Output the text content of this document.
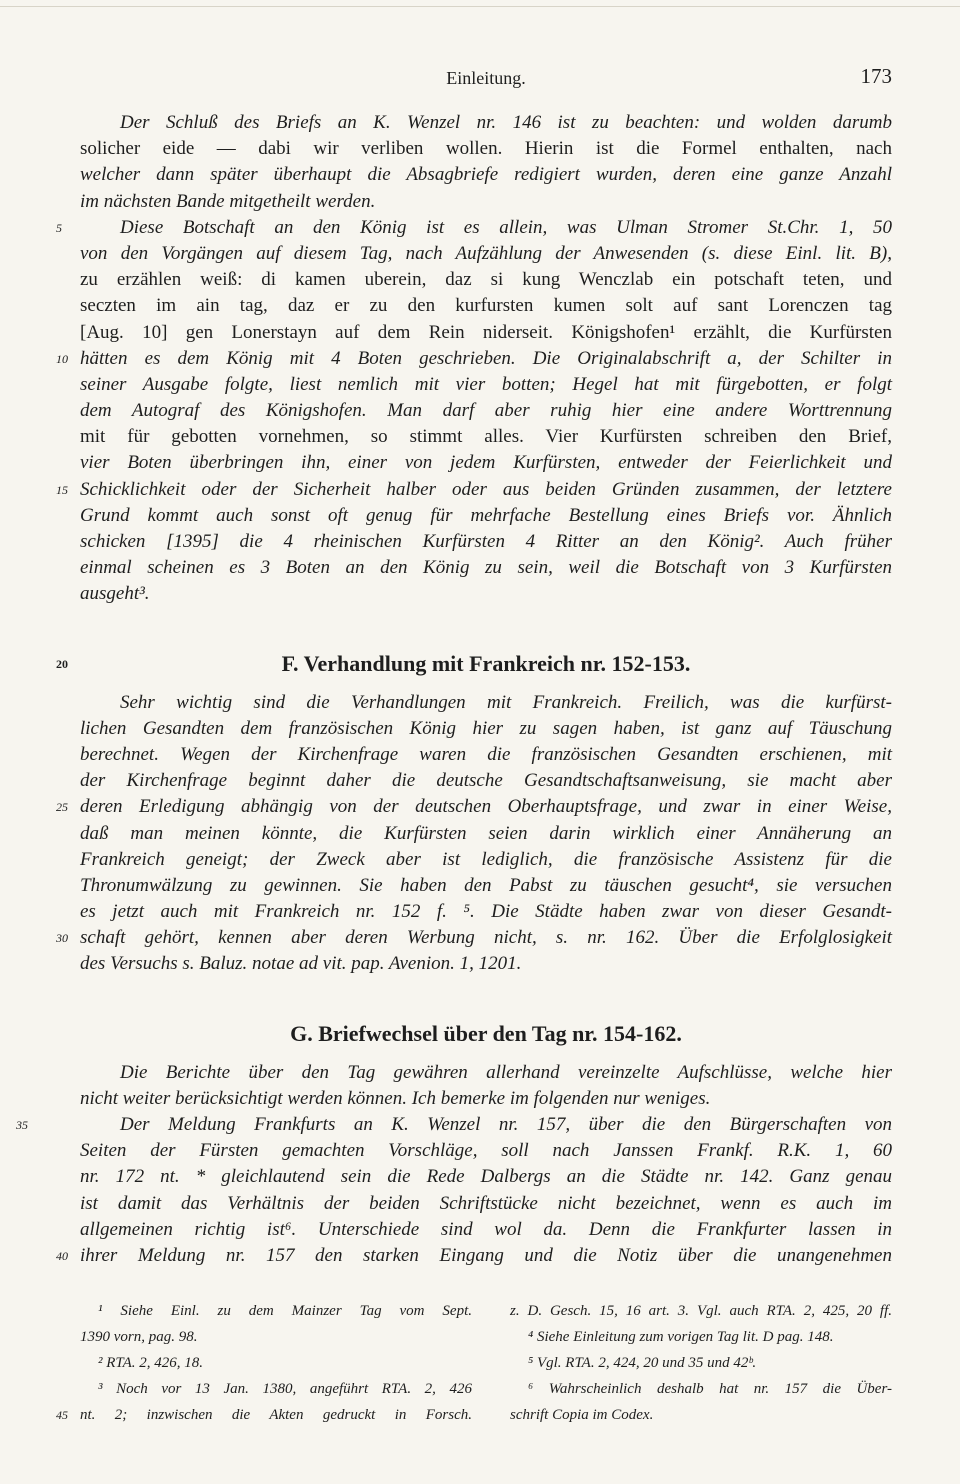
Einleitung.	173
Der Schluß des Briefs an K. Wenzel nr. 146 ist zu beachten: und wolden darumb
solicher eide — dabi wir verliben wollen. Hierin ist die Formel enthalten, nach
welcher dann später überhaupt die Absagbriefe redigiert wurden, deren eine ganze Anzahl
im nächsten Bande mitgetheilt werden.
5	Diese Botschaft an den König ist es allein, was Ulman Stromer St.Chr. 1, 50
von den Vorgängen auf diesem Tag, nach Aufzählung der Anwesenden (s. diese Einl. lit. B),
zu erzählen weiß: di kamen uberein, daz si kung Wenczlab ein potschaft teten, und
seczten im ain tag, daz er zu den kurfursten kumen solt auf sant Lorenczen tag
[Aug. 10] gen Lonerstayn auf dem Rein niderseit. Königshofen¹ erzählt, die Kurfürsten
10 hätten es dem König mit 4 Boten geschrieben. Die Originalabschrift a, der Schilter in
seiner Ausgabe folgte, liest nemlich mit vier botten; Hegel hat mit fürgebotten, er folgt
dem Autograf des Königshofen. Man darf aber ruhig hier eine andere Worttrennung
mit für gebotten vornehmen, so stimmt alles. Vier Kurfürsten schreiben den Brief,
vier Boten überbringen ihn, einer von jedem Kurfürsten, entweder der Feierlichkeit und
15 Schicklichkeit oder der Sicherheit halber oder aus beiden Gründen zusammen, der letztere
Grund kommt auch sonst oft genug für mehrfache Bestellung eines Briefs vor. Ähnlich
schicken [1395] die 4 rheinischen Kurfürsten 4 Ritter an den König². Auch früher
einmal scheinen es 3 Boten an den König zu sein, weil die Botschaft von 3 Kurfürsten
ausgeht³.
20	F. Verhandlung mit Frankreich nr. 152-153.
Sehr wichtig sind die Verhandlungen mit Frankreich. Freilich, was die kurfürst-
lichen Gesandten dem französischen König hier zu sagen haben, ist ganz auf Täuschung
berechnet. Wegen der Kirchenfrage waren die französischen Gesandten erschienen, mit
der Kirchenfrage beginnt daher die deutsche Gesandtschaftsanweisung, sie macht aber
25 deren Erledigung abhängig von der deutschen Oberhauptsfrage, und zwar in einer Weise,
daß man meinen könnte, die Kurfürsten seien darin wirklich einer Annäherung an
Frankreich geneigt; der Zweck aber ist lediglich, die französische Assistenz für die
Thronumwälzung zu gewinnen. Sie haben den Pabst zu täuschen gesucht⁴, sie versuchen
es jetzt auch mit Frankreich nr. 152 f. ⁵. Die Städte haben zwar von dieser Gesandt-
30 schaft gehört, kennen aber deren Werbung nicht, s. nr. 162. Über die Erfolglosigkeit
des Versuchs s. Baluz. notae ad vit. pap. Avenion. 1, 1201.
G. Briefwechsel über den Tag nr. 154-162.
Die Berichte über den Tag gewähren allerhand vereinzelte Aufschlüsse, welche hier
nicht weiter berücksichtigt werden können. Ich bemerke im folgenden nur weniges.
35	Der Meldung Frankfurts an K. Wenzel nr. 157, über die den Bürgerschaften von
Seiten der Fürsten gemachten Vorschläge, soll nach Janssen Frankf. R.K. 1, 60
nr. 172 nt. * gleichlautend sein die Rede Dalbergs an die Städte nr. 142. Ganz genau
ist damit das Verhältnis der beiden Schriftstücke nicht bezeichnet, wenn es auch im
allgemeinen richtig ist⁶. Unterschiede sind wol da. Denn die Frankfurter lassen in
40 ihrer Meldung nr. 157 den starken Eingang und die Notiz über die unangenehmen
¹ Siehe Einl. zu dem Mainzer Tag vom Sept.
1390 vorn, pag. 98.
² RTA. 2, 426, 18.
³ Noch vor 13 Jan. 1380, angeführt RTA. 2, 426
45 nt. 2; inzwischen die Akten gedruckt in Forsch.
z. D. Gesch. 15, 16 art. 3. Vgl. auch RTA. 2, 425, 20 ff.
⁴ Siehe Einleitung zum vorigen Tag lit. D pag. 148.
⁵ Vgl. RTA. 2, 424, 20 und 35 und 42ᵇ.
⁶ Wahrscheinlich deshalb hat nr. 157 die Über-
schrift Copia im Codex.
